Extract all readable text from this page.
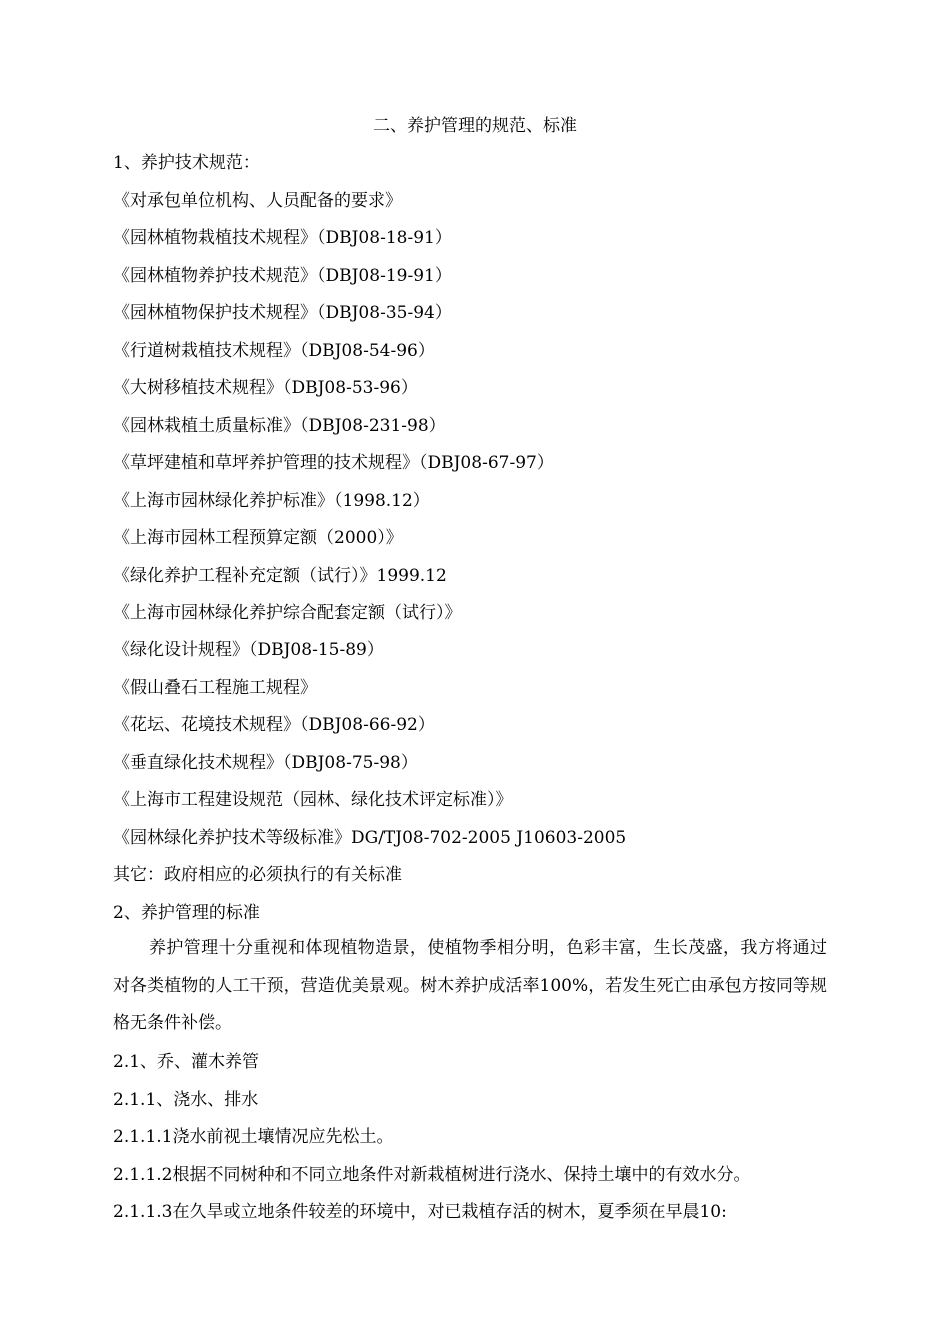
二、养护管理的规范、标准
1、养护技术规范：
《对承包单位机构、人员配备的要求》
《园林植物栽植技术规程》（DBJ08-18-91）
《园林植物养护技术规范》（DBJ08-19-91）
《园林植物保护技术规程》（DBJ08-35-94）
《行道树栽植技术规程》（DBJ08-54-96）
《大树移植技术规程》（DBJ08-53-96）
《园林栽植土质量标准》（DBJ08-231-98）
《草坪建植和草坪养护管理的技术规程》（DBJ08-67-97）
《上海市园林绿化养护标准》（1998.12）
《上海市园林工程预算定额（2000）》
《绿化养护工程补充定额（试行）》1999.12
《上海市园林绿化养护综合配套定额（试行）》
《绿化设计规程》（DBJ08-15-89）
《假山叠石工程施工规程》
《花坛、花境技术规程》（DBJ08-66-92）
《垂直绿化技术规程》（DBJ08-75-98）
《上海市工程建设规范（园林、绿化技术评定标准）》
《园林绿化养护技术等级标准》DG/TJ08-702-2005 J10603-2005
其它：政府相应的必须执行的有关标准
2、养护管理的标准
养护管理十分重视和体现植物造景，使植物季相分明，色彩丰富，生长茂盛，我方将通过对各类植物的人工干预，营造优美景观。树木养护成活率100%，若发生死亡由承包方按同等规格无条件补偿。
2.1、乔、灌木养管
2.1.1、浇水、排水
2.1.1.1浇水前视土壤情况应先松土。
2.1.1.2根据不同树种和不同立地条件对新栽植树进行浇水、保持土壤中的有效水分。
2.1.1.3在久旱或立地条件较差的环境中，对已栽植存活的树木，夏季须在早晨10:
